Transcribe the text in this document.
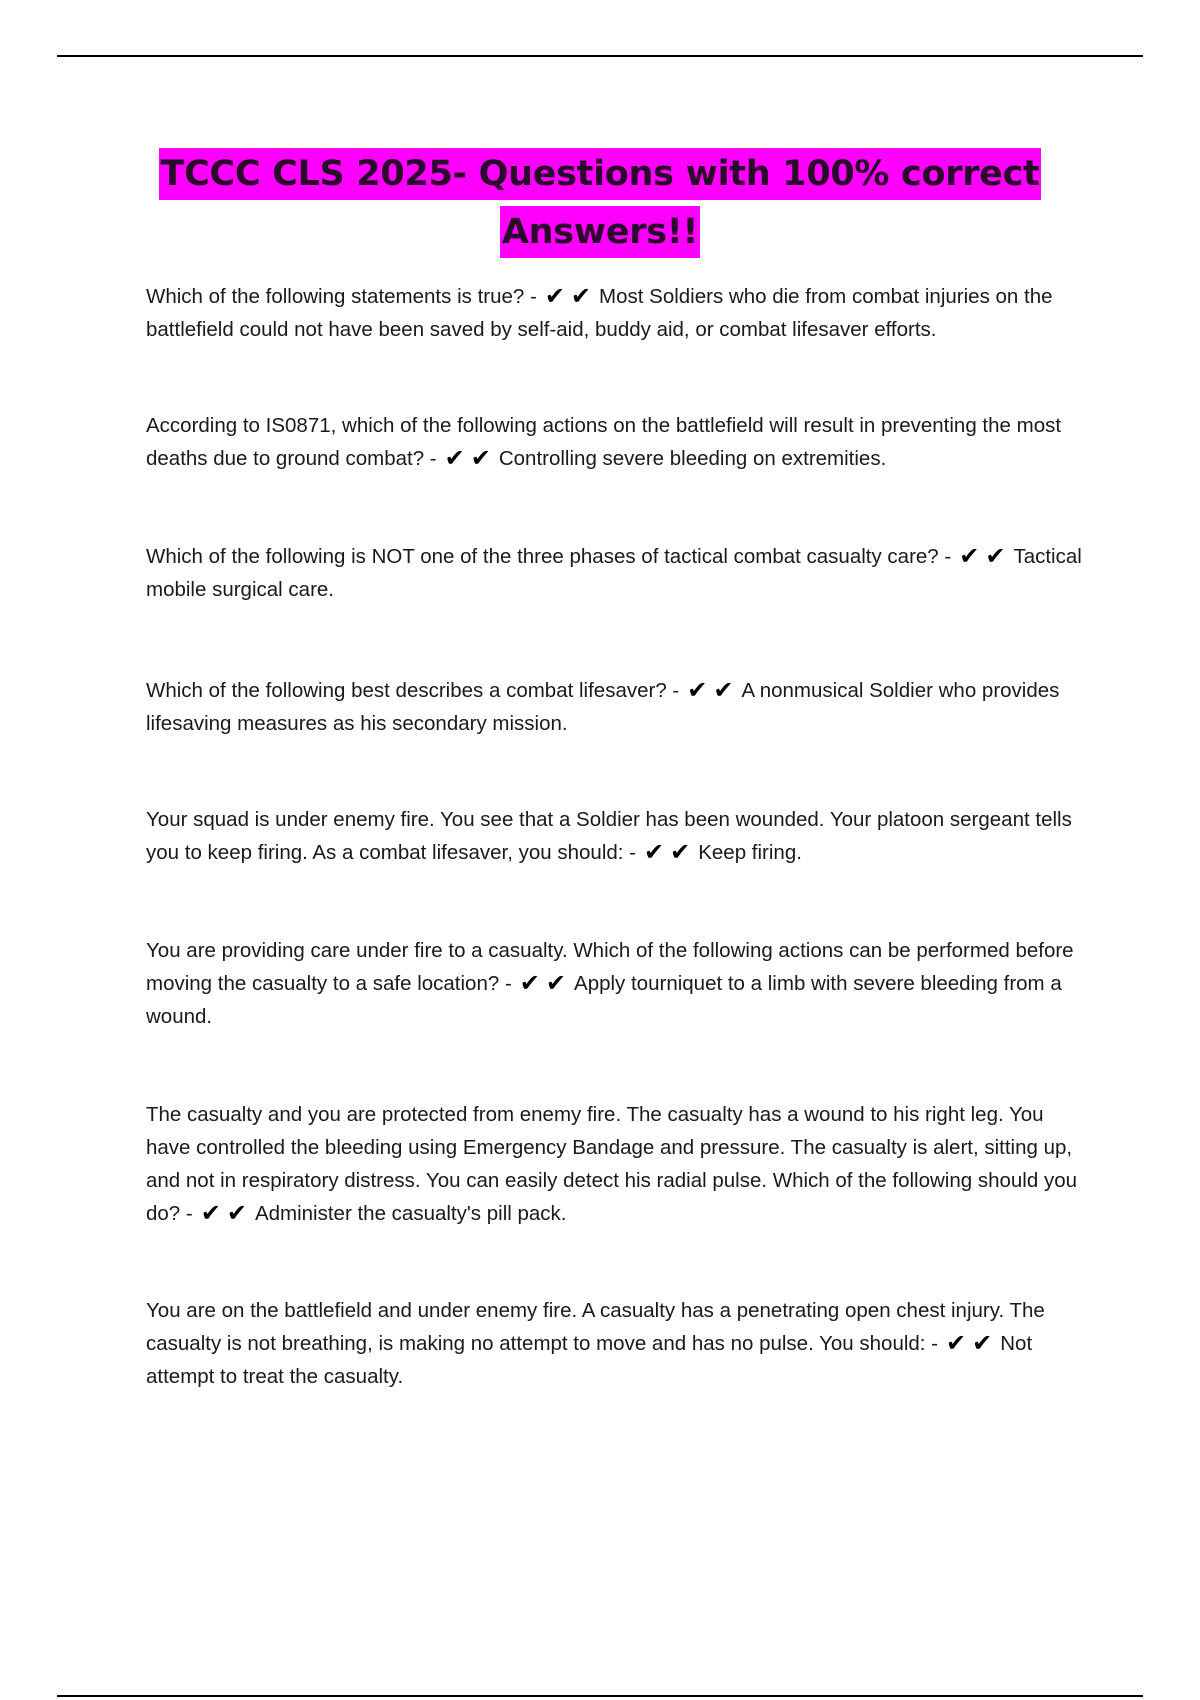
TCCC CLS 2025- Questions with 100% correct
Answers!!
Which of the following statements is true? - ✔ ✔ Most Soldiers who die from combat injuries on the battlefield could not have been saved by self-aid, buddy aid, or combat lifesaver efforts.
According to IS0871, which of the following actions on the battlefield will result in preventing the most deaths due to ground combat? - ✔ ✔ Controlling severe bleeding on extremities.
Which of the following is NOT one of the three phases of tactical combat casualty care? - ✔ ✔ Tactical mobile surgical care.
Which of the following best describes a combat lifesaver? - ✔ ✔ A nonmusical Soldier who provides lifesaving measures as his secondary mission.
Your squad is under enemy fire. You see that a Soldier has been wounded. Your platoon sergeant tells you to keep firing. As a combat lifesaver, you should: - ✔ ✔ Keep firing.
You are providing care under fire to a casualty. Which of the following actions can be performed before moving the casualty to a safe location? - ✔ ✔ Apply tourniquet to a limb with severe bleeding from a wound.
The casualty and you are protected from enemy fire. The casualty has a wound to his right leg. You have controlled the bleeding using Emergency Bandage and pressure. The casualty is alert, sitting up, and not in respiratory distress. You can easily detect his radial pulse. Which of the following should you do? - ✔ ✔ Administer the casualty's pill pack.
You are on the battlefield and under enemy fire. A casualty has a penetrating open chest injury. The casualty is not breathing, is making no attempt to move and has no pulse. You should: - ✔ ✔ Not attempt to treat the casualty.
